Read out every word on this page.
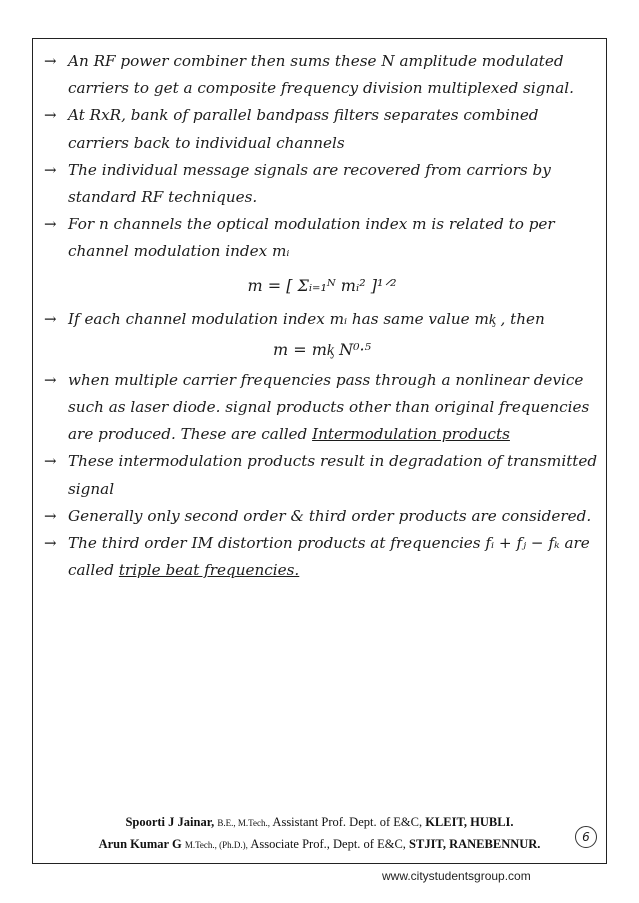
→ An RF power combiner then sums these N amplitude modulated carriers to get a composite frequency division multiplexed signal.

→ At RxR, bank of parallel bandpass filters separates combined carriers back to individual channels

→ The individual message signals are recovered from carriors by standard RF techniques.

→ For n channels the optical modulation index m is related to per channel modulation index mᵢ

m = [ Σᵢ₌₁ᴺ mᵢ² ]¹ᐟ²

→ If each channel modulation index mᵢ has same value mᶄ , then

m = mᶄ N⁰·⁵

→ when multiple carrier frequencies pass through a nonlinear device such as laser diode. signal products other than original frequencies are produced. These are called Intermodulation products

→ These intermodulation products result in degradation of transmitted signal

→ Generally only second order & third order products are considered.

→ The third order IM distortion products at frequencies fᵢ + fⱼ − fₖ are called triple beat frequencies.

Spoorti J Jainar, B.E., M.Tech., Assistant Prof. Dept. of E&C, KLEIT, HUBLI.
Arun Kumar G M.Tech., (Ph.D.), Associate Prof., Dept. of E&C, STJIT, RANEBENNUR.	6
www.citystudentsgroup.com
